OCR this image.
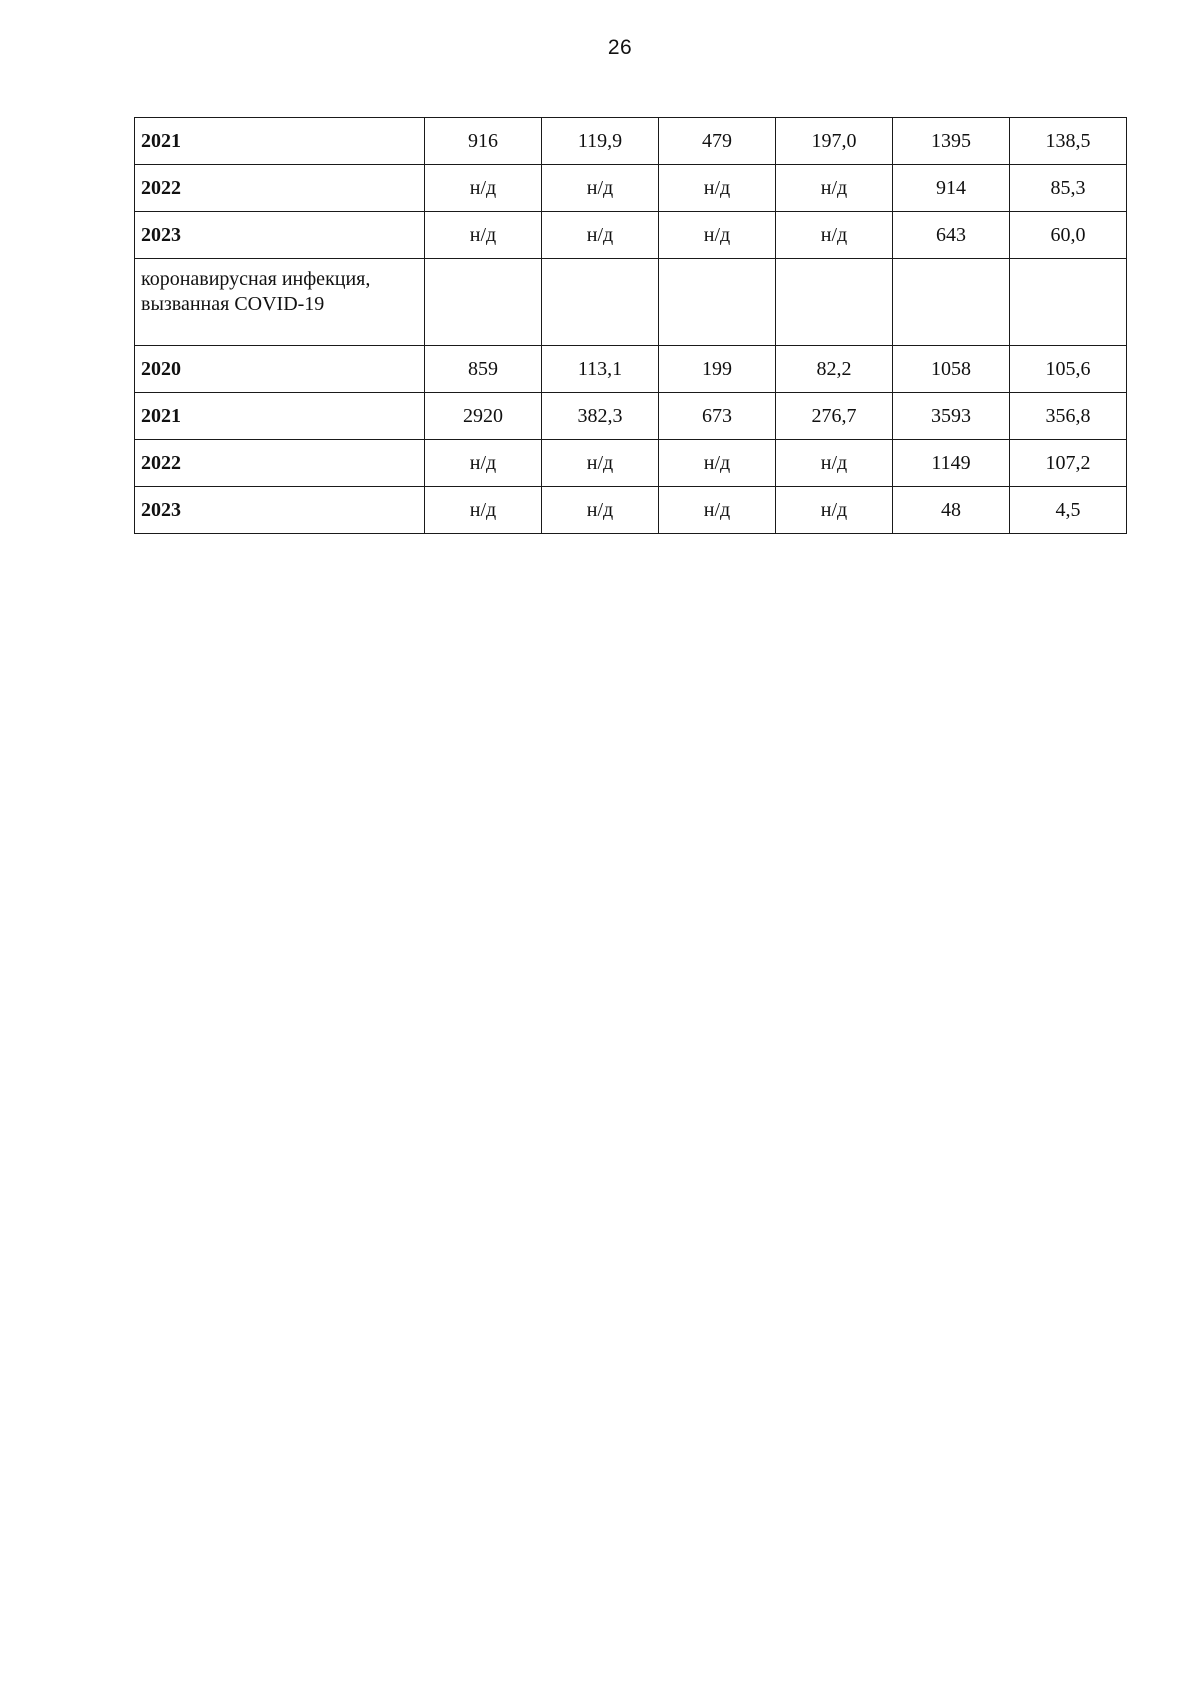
26
2021	916	119,9	479	197,0	1395	138,5
2022	н/д	н/д	н/д	н/д	914	85,3
2023	н/д	н/д	н/д	н/д	643	60,0
коронавирусная инфекция,
вызванная COVID-19						
2020	859	113,1	199	82,2	1058	105,6
2021	2920	382,3	673	276,7	3593	356,8
2022	н/д	н/д	н/д	н/д	1149	107,2
2023	н/д	н/д	н/д	н/д	48	4,5
